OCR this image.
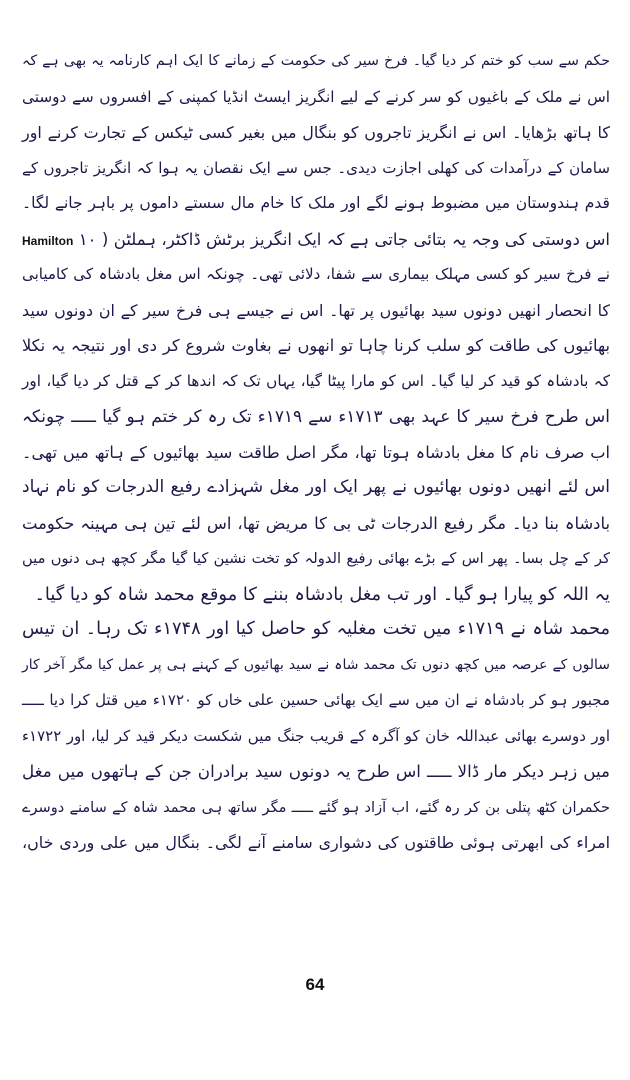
حکم سے سب کو ختم کر دیا گیا۔ فرخ سیر کی حکومت کے زمانے کا ایک اہم کارنامہ یہ بھی ہے کہ
اس نے ملک کے باغیوں کو سر کرنے کے لیے انگریز ایسٹ انڈیا کمپنی کے افسروں سے دوستی
کا ہاتھ بڑھایا۔ اس نے انگریز تاجروں کو بنگال میں بغیر کسی ٹیکس کے تجارت کرنے اور
سامان کے درآمدات کی کھلی اجازت دیدی۔ جس سے ایک نقصان یہ ہوا کہ انگریز تاجروں کے
قدم ہندوستان میں مضبوط ہونے لگے اور ملک کا خام مال سستے داموں پر باہر جانے لگا۔
اس دوستی کی وجہ یہ بتائی جاتی ہے کہ ایک انگریز برٹش ڈاکٹر، ہملٹن ( ۱۰ Hamilton
نے فرخ سیر کو کسی مہلک بیماری سے شفا، دلائی تھی۔ چونکہ اس مغل بادشاہ کی کامیابی
کا انحصار انھیں دونوں سید بھائیوں پر تھا۔ اس نے جیسے ہی فرخ سیر کے ان دونوں سید
بھائیوں کی طاقت کو سلب کرنا چاہا تو انھوں نے بغاوت شروع کر دی اور نتیجہ یہ نکلا
کہ بادشاہ کو قید کر لیا گیا۔ اس کو مارا پیٹا گیا، یہاں تک کہ اندھا کر کے قتل کر دیا گیا، اور
اس طرح فرخ سیر کا عہد بھی ۱۷۱۳ء سے ۱۷۱۹ء تک رہ کر ختم ہو گیا ـــــ چونکہ
اب صرف نام کا مغل بادشاہ ہوتا تھا، مگر اصل طاقت سید بھائیوں کے ہاتھ میں تھی۔
اس لئے انھیں دونوں بھائیوں نے پھر ایک اور مغل شہزادے رفیع الدرجات کو نام نہاد
بادشاہ بنا دیا۔ مگر رفیع الدرجات ٹی بی کا مریض تھا، اس لئے تین ہی مہینہ حکومت
کر کے چل بسا۔ پھر اس کے بڑے بھائی رفیع الدولہ کو تخت نشین کیا گیا مگر کچھ ہی دنوں میں
یہ اللہ کو پیارا ہو گیا۔ اور تب مغل بادشاہ بننے کا موقع محمد شاہ کو دیا گیا۔
محمد شاہ نے ۱۷۱۹ء میں تخت مغلیہ کو حاصل کیا اور ۱۷۴۸ء تک رہا۔ ان تیس
سالوں کے عرصہ میں کچھ دنوں تک محمد شاہ نے سید بھائیوں کے کہنے ہی پر عمل کیا مگر آخر کار
مجبور ہو کر بادشاہ نے ان میں سے ایک بھائی حسین علی خاں کو ۱۷۲۰ء میں قتل کرا دیا ـــــ
اور دوسرے بھائی عبداللہ خان کو آگرہ کے قریب جنگ میں شکست دیکر قید کر لیا، اور ۱۷۲۲ء
میں زہر دیکر مار ڈالا ـــــ اس طرح یہ دونوں سید برادران جن کے ہاتھوں میں مغل
حکمران کٹھ پتلی بن کر رہ گئے، اب آزاد ہو گئے ـــــ مگر ساتھ ہی محمد شاہ کے سامنے دوسرے
امراء کی ابھرتی ہوئی طاقتوں کی دشواری سامنے آنے لگی۔ بنگال میں علی وردی خاں،
64
